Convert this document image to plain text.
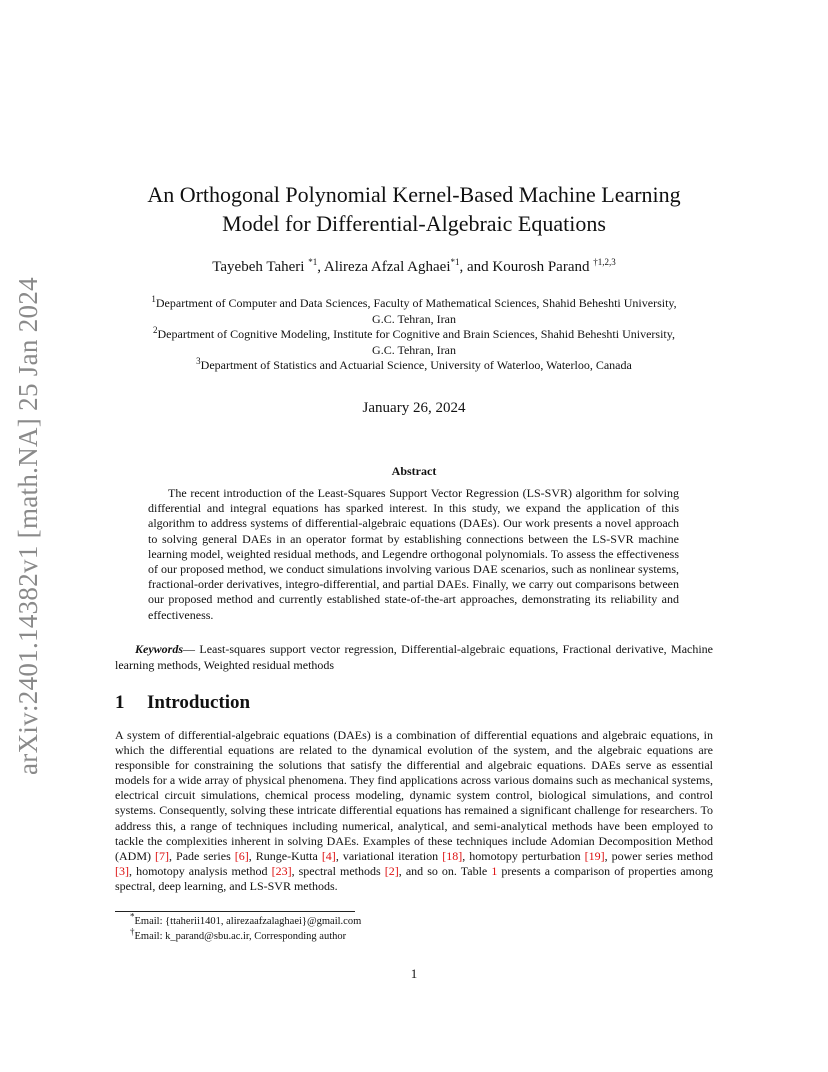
arXiv:2401.14382v1 [math.NA] 25 Jan 2024
An Orthogonal Polynomial Kernel-Based Machine Learning
Model for Differential-Algebraic Equations
Tayebeh Taheri $^{*1}$, Alireza Afzal Aghaei$^{*1}$, and Kourosh Parand $^{\dagger 1,2,3}$

$^1$Department of Computer and Data Sciences, Faculty of Mathematical Sciences, Shahid Beheshti University,
G.C. Tehran, Iran

$^2$Department of Cognitive Modeling, Institute for Cognitive and Brain Sciences, Shahid Beheshti University,
G.C. Tehran, Iran

$^3$Department of Statistics and Actuarial Science, University of Waterloo, Waterloo, Canada

January 26, 2024
Abstract

The recent introduction of the Least-Squares Support Vector Regression (LS-SVR) algorithm for solving differential and integral equations has sparked interest. In this study, we expand the application of this algorithm to address systems of differential-algebraic equations (DAEs). Our work presents a novel approach to solving general DAEs in an operator format by establishing connections between the LS-SVR machine learning model, weighted residual methods, and Legendre orthogonal polynomials. To assess the effectiveness of our proposed method, we conduct simulations involving various DAE scenarios, such as nonlinear systems, fractional-order derivatives, integro-differential, and partial DAEs. Finally, we carry out comparisons between our proposed method and currently established state-of-the-art approaches, demonstrating its reliability and effectiveness.

Keywords— Least-squares support vector regression, Differential-algebraic equations, Fractional derivative, Machine learning methods, Weighted residual methods

1 Introduction

A system of differential-algebraic equations (DAEs) is a combination of differential equations and algebraic equations, in which the differential equations are related to the dynamical evolution of the system, and the algebraic equations are responsible for constraining the solutions that satisfy the differential and algebraic equations. DAEs serve as essential models for a wide array of physical phenomena. They find applications across various domains such as mechanical systems, electrical circuit simulations, chemical process modeling, dynamic system control, biological simulations, and control systems. Consequently, solving these intricate differential equations has remained a significant challenge for researchers. To address this, a range of techniques including numerical, analytical, and semi-analytical methods have been employed to tackle the complexities inherent in solving DAEs. Examples of these techniques include Adomian Decomposition Method (ADM) [7], Pade series [6], Runge-Kutta [4], variational iteration [18], homotopy perturbation [19], power series method [3], homotopy analysis method [23], spectral methods [2], and so on. Table 1 presents a comparison of properties among spectral, deep learning, and LS-SVR methods.

*Email: {ttaherii1401, alirezaafzalaghaei}@gmail.com

†Email: k_parand@sbu.ac.ir, Corresponding author

1
